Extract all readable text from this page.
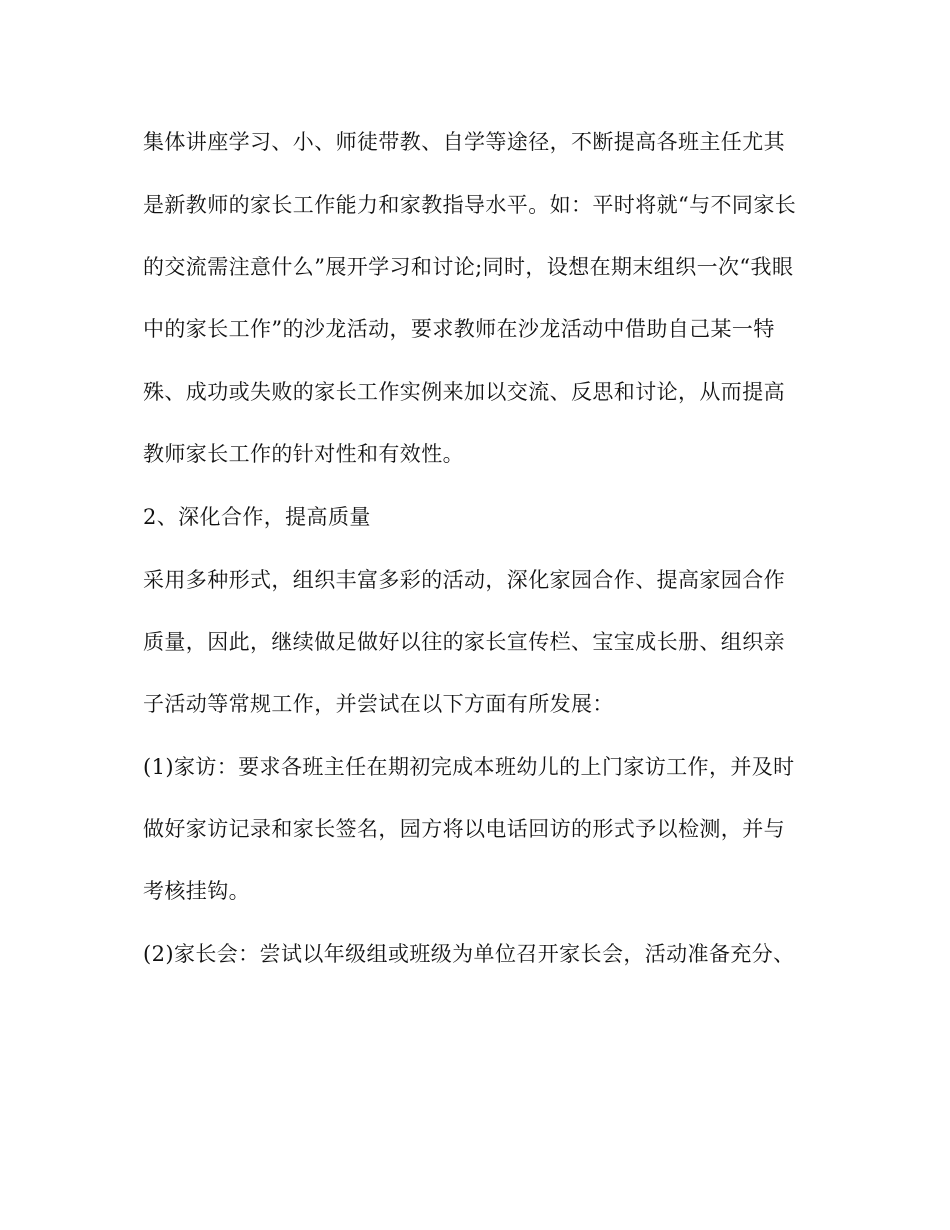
集体讲座学习、小、师徒带教、自学等途径，不断提高各班主任尤其
是新教师的家长工作能力和家教指导水平。如：平时将就“与不同家长
的交流需注意什么”展开学习和讨论;同时，设想在期末组织一次“我眼
中的家长工作”的沙龙活动，要求教师在沙龙活动中借助自己某一特
殊、成功或失败的家长工作实例来加以交流、反思和讨论，从而提高
教师家长工作的针对性和有效性。
2、深化合作，提高质量
采用多种形式，组织丰富多彩的活动，深化家园合作、提高家园合作
质量，因此，继续做足做好以往的家长宣传栏、宝宝成长册、组织亲
子活动等常规工作，并尝试在以下方面有所发展：
(1)家访：要求各班主任在期初完成本班幼儿的上门家访工作，并及时
做好家访记录和家长签名，园方将以电话回访的形式予以检测，并与
考核挂钩。
(2)家长会：尝试以年级组或班级为单位召开家长会，活动准备充分、
